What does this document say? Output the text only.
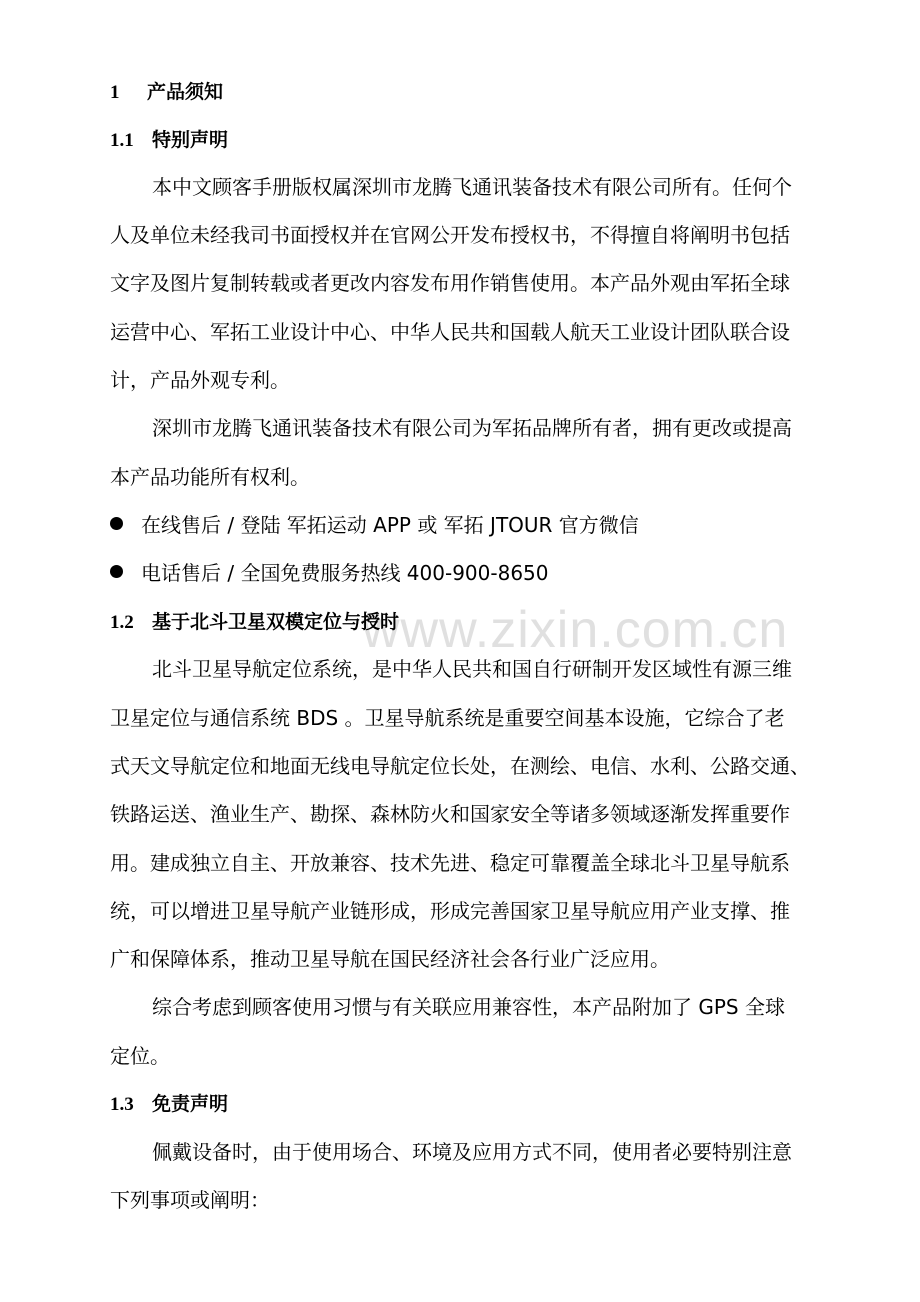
www.zixin.com.cn
1 产品须知
1.1 特别声明
本中文顾客手册版权属深圳市龙腾飞通讯装备技术有限公司所有。任何个
人及单位未经我司书面授权并在官网公开发布授权书，不得擅自将阐明书包括
文字及图片复制转载或者更改内容发布用作销售使用。本产品外观由军拓全球
运营中心、军拓工业设计中心、中华人民共和国载人航天工业设计团队联合设
计，产品外观专利。
深圳市龙腾飞通讯装备技术有限公司为军拓品牌所有者，拥有更改或提高
本产品功能所有权利。
在线售后 / 登陆 军拓运动 APP 或 军拓 JTOUR 官方微信
电话售后 / 全国免费服务热线 400-900-8650
1.2 基于北斗卫星双模定位与授时
北斗卫星导航定位系统，是中华人民共和国自行研制开发区域性有源三维
卫星定位与通信系统 BDS 。卫星导航系统是重要空间基本设施，它综合了老
式天文导航定位和地面无线电导航定位长处，在测绘、电信、水利、公路交通、
铁路运送、渔业生产、勘探、森林防火和国家安全等诸多领域逐渐发挥重要作
用。建成独立自主、开放兼容、技术先进、稳定可靠覆盖全球北斗卫星导航系
统，可以增进卫星导航产业链形成，形成完善国家卫星导航应用产业支撑、推
广和保障体系，推动卫星导航在国民经济社会各行业广泛应用。
综合考虑到顾客使用习惯与有关联应用兼容性，本产品附加了 GPS 全球
定位。
1.3 免责声明
佩戴设备时，由于使用场合、环境及应用方式不同，使用者必要特别注意
下列事项或阐明：
